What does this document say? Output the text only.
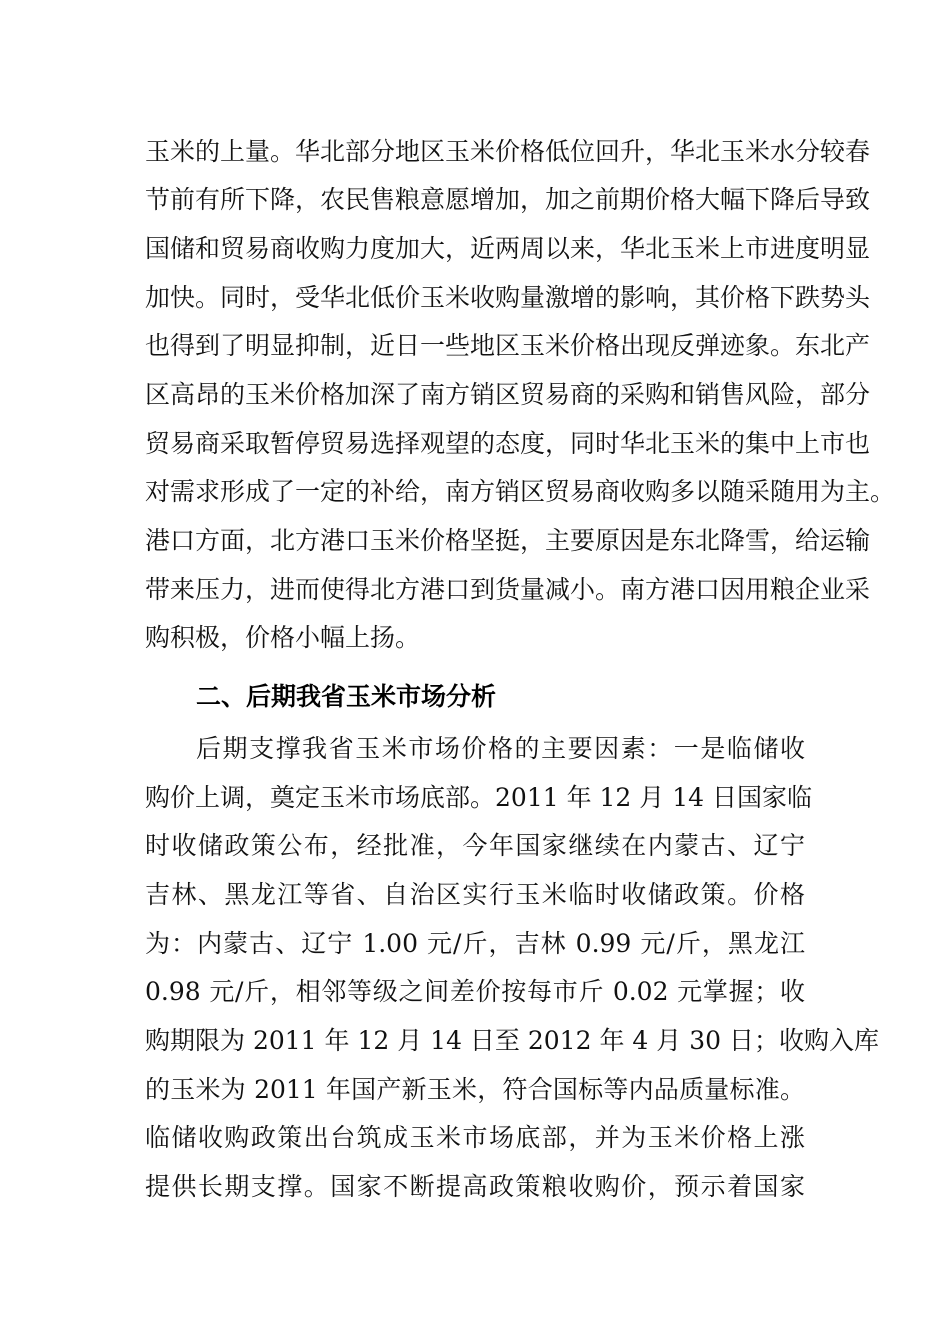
玉米的上量。华北部分地区玉米价格低位回升，华北玉米水分较春
节前有所下降，农民售粮意愿增加，加之前期价格大幅下降后导致
国储和贸易商收购力度加大，近两周以来，华北玉米上市进度明显
加快。同时，受华北低价玉米收购量激增的影响，其价格下跌势头
也得到了明显抑制，近日一些地区玉米价格出现反弹迹象。东北产
区高昂的玉米价格加深了南方销区贸易商的采购和销售风险，部分
贸易商采取暂停贸易选择观望的态度，同时华北玉米的集中上市也
对需求形成了一定的补给，南方销区贸易商收购多以随采随用为主。
港口方面，北方港口玉米价格坚挺，主要原因是东北降雪，给运输
带来压力，进而使得北方港口到货量减小。南方港口因用粮企业采
购积极，价格小幅上扬。
二、后期我省玉米市场分析
后期支撑我省玉米市场价格的主要因素：一是临储收
购价上调，奠定玉米市场底部。2011 年 12 月 14 日国家临
时收储政策公布，经批准，今年国家继续在内蒙古、辽宁
吉林、黑龙江等省、自治区实行玉米临时收储政策。价格
为：内蒙古、辽宁 1.00 元/斤，吉林 0.99 元/斤，黑龙江
0.98 元/斤，相邻等级之间差价按每市斤 0.02 元掌握；收
购期限为 2011 年 12 月 14 日至 2012 年 4 月 30 日；收购入库
的玉米为 2011 年国产新玉米，符合国标等内品质量标准。
临储收购政策出台筑成玉米市场底部，并为玉米价格上涨
提供长期支撑。国家不断提高政策粮收购价，预示着国家
